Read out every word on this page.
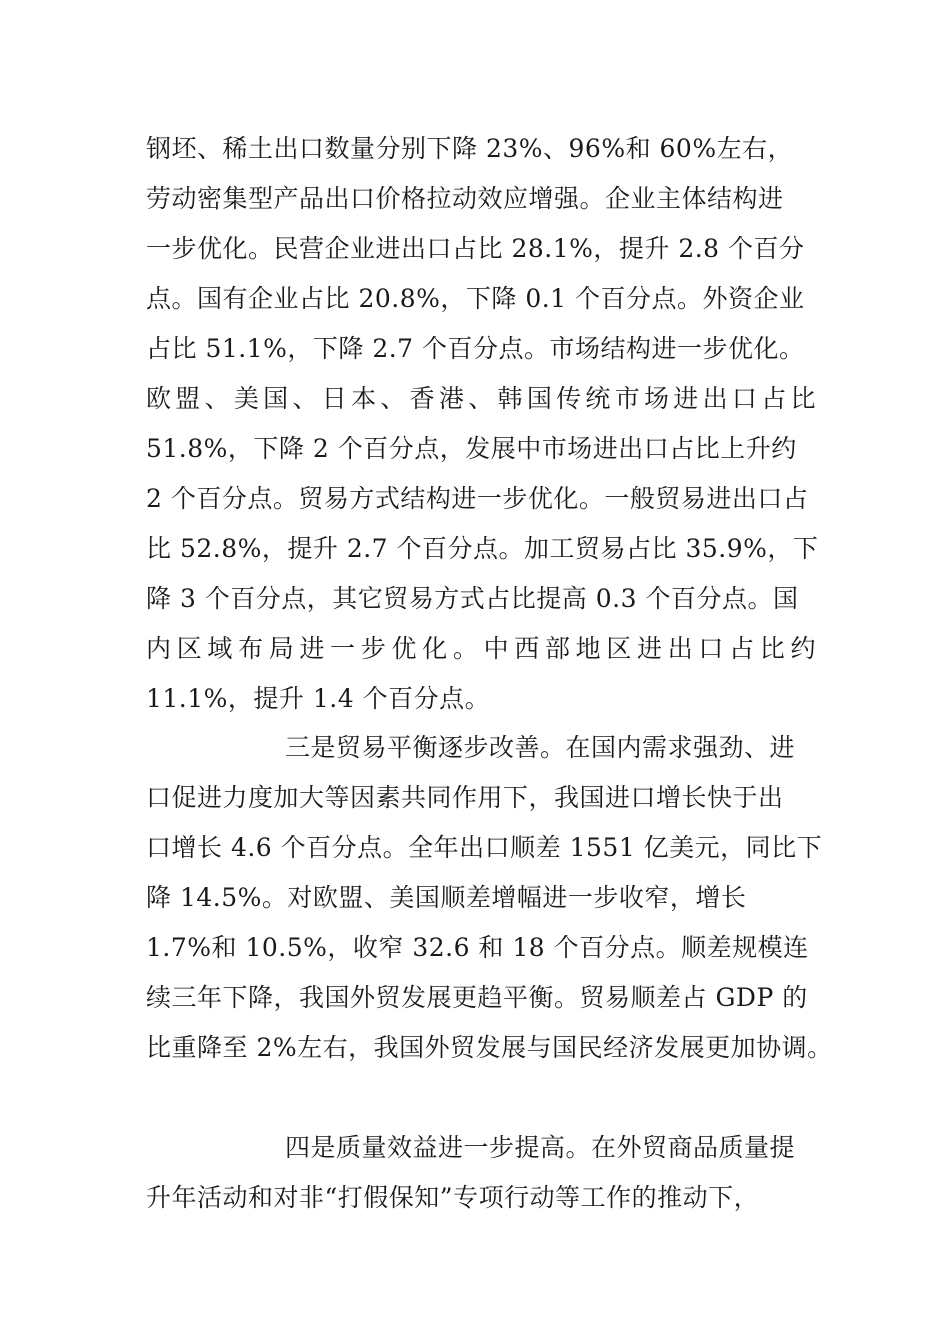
钢坯、稀土出口数量分别下降 23%、96%和 60%左右，
劳动密集型产品出口价格拉动效应增强。企业主体结构进
一步优化。民营企业进出口占比 28.1%，提升 2.8 个百分
点。国有企业占比 20.8%，下降 0.1 个百分点。外资企业
占比 51.1%，下降 2.7 个百分点。市场结构进一步优化。
欧盟、美国、日本、香港、韩国传统市场进出口占比
51.8%，下降 2 个百分点，发展中市场进出口占比上升约
2 个百分点。贸易方式结构进一步优化。一般贸易进出口占
比 52.8%，提升 2.7 个百分点。加工贸易占比 35.9%，下
降 3 个百分点，其它贸易方式占比提高 0.3 个百分点。国
内区域布局进一步优化。中西部地区进出口占比约
11.1%，提升 1.4 个百分点。
三是贸易平衡逐步改善。在国内需求强劲、进
口促进力度加大等因素共同作用下，我国进口增长快于出
口增长 4.6 个百分点。全年出口顺差 1551 亿美元，同比下
降 14.5%。对欧盟、美国顺差增幅进一步收窄，增长
1.7%和 10.5%，收窄 32.6 和 18 个百分点。顺差规模连
续三年下降，我国外贸发展更趋平衡。贸易顺差占 GDP 的
比重降至 2%左右，我国外贸发展与国民经济发展更加协调。
四是质量效益进一步提高。在外贸商品质量提
升年活动和对非“打假保知”专项行动等工作的推动下，
